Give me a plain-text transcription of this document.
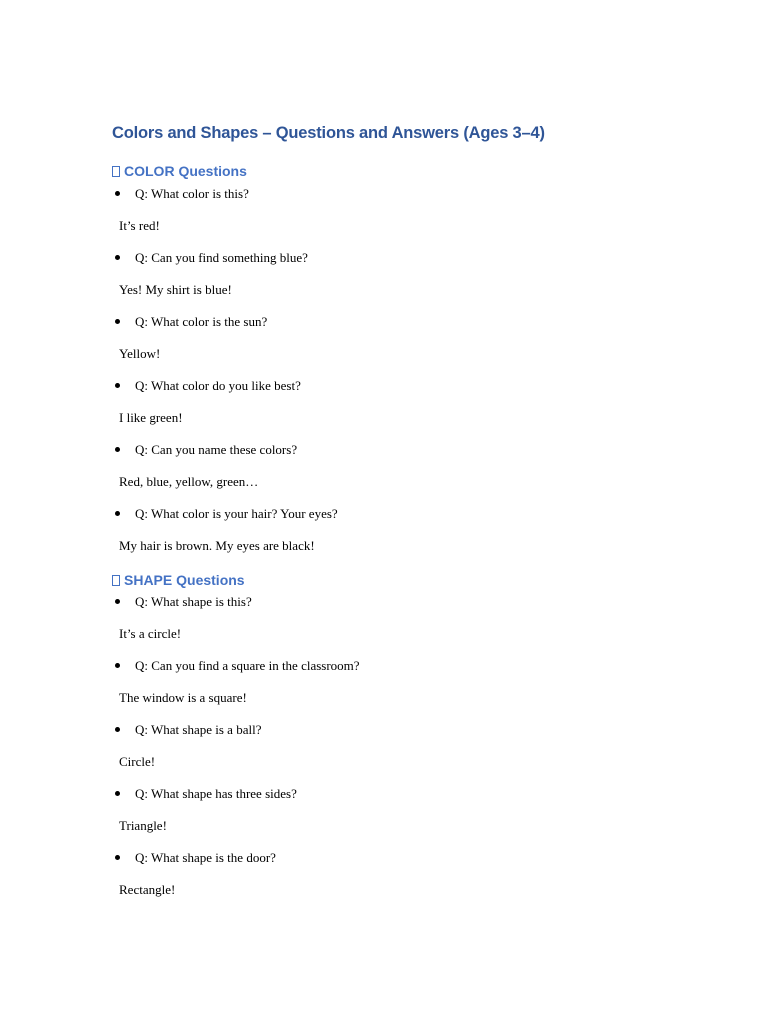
Colors and Shapes – Questions and Answers (Ages 3–4)
COLOR Questions
Q: What color is this?
It’s red!
Q: Can you find something blue?
Yes! My shirt is blue!
Q: What color is the sun?
Yellow!
Q: What color do you like best?
I like green!
Q: Can you name these colors?
Red, blue, yellow, green…
Q: What color is your hair? Your eyes?
My hair is brown. My eyes are black!
SHAPE Questions
Q: What shape is this?
It’s a circle!
Q: Can you find a square in the classroom?
The window is a square!
Q: What shape is a ball?
Circle!
Q: What shape has three sides?
Triangle!
Q: What shape is the door?
Rectangle!
